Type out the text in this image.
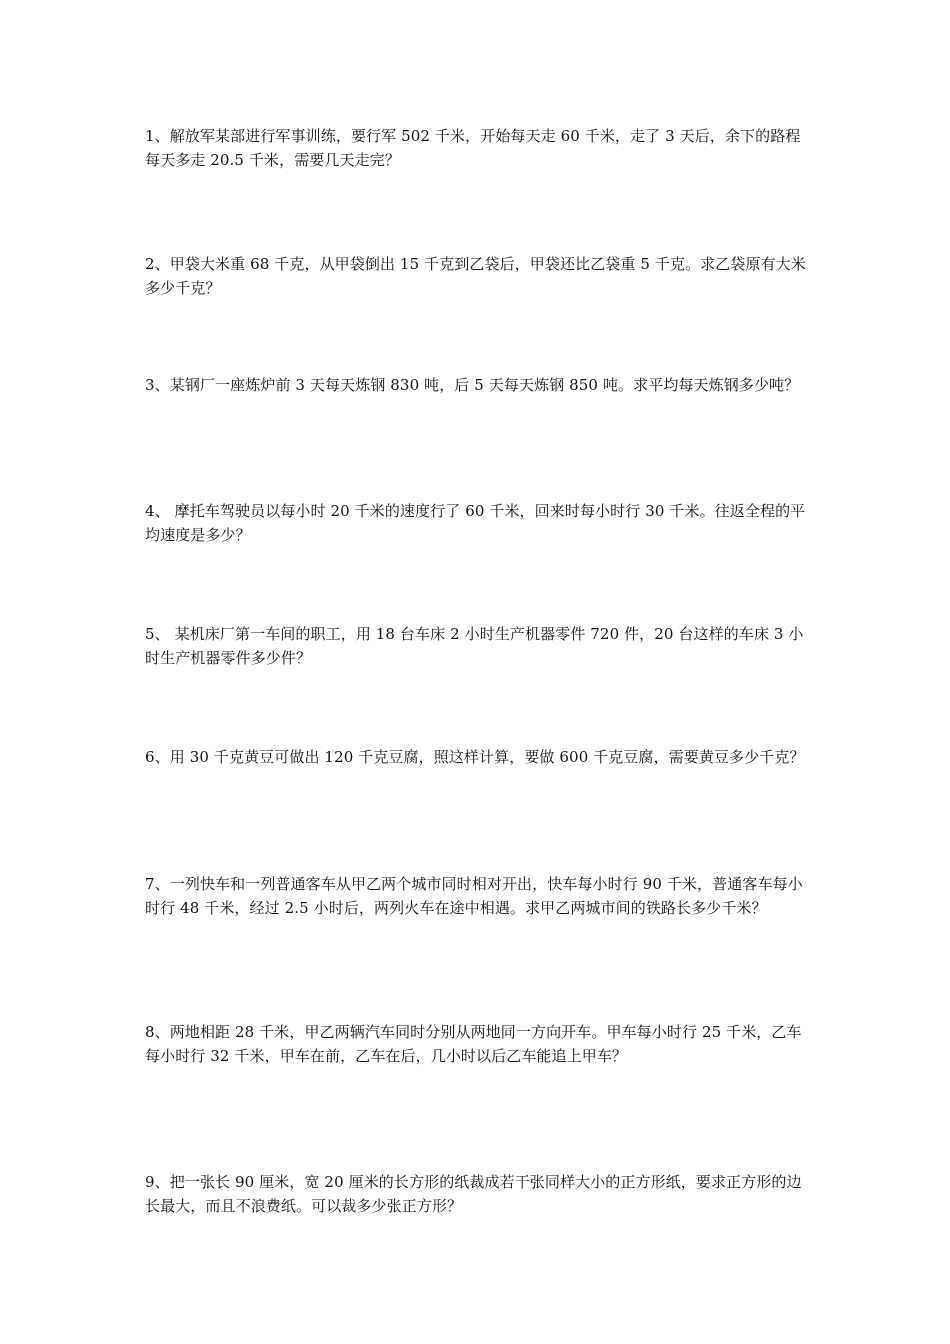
1、解放军某部进行军事训练，要行军 502 千米，开始每天走 60 千米，走了 3 天后，余下的路程每天多走 20.5 千米，需要几天走完？

2、甲袋大米重 68 千克，从甲袋倒出 15 千克到乙袋后，甲袋还比乙袋重 5 千克。求乙袋原有大米多少千克？

3、某钢厂一座炼炉前 3 天每天炼钢 830 吨，后 5 天每天炼钢 850 吨。求平均每天炼钢多少吨？

4、 摩托车驾驶员以每小时 20 千米的速度行了 60 千米，回来时每小时行 30 千米。往返全程的平均速度是多少？

5、 某机床厂第一车间的职工，用 18 台车床 2 小时生产机器零件 720 件，20 台这样的车床 3 小时生产机器零件多少件？

6、用 30 千克黄豆可做出 120 千克豆腐，照这样计算，要做 600 千克豆腐，需要黄豆多少千克？

7、一列快车和一列普通客车从甲乙两个城市同时相对开出，快车每小时行 90 千米，普通客车每小时行 48 千米，经过 2.5 小时后，两列火车在途中相遇。求甲乙两城市间的铁路长多少千米？

8、两地相距 28 千米，甲乙两辆汽车同时分别从两地同一方向开车。甲车每小时行 25 千米，乙车每小时行 32 千米，甲车在前，乙车在后，几小时以后乙车能追上甲车？

9、把一张长 90 厘米，宽 20 厘米的长方形的纸裁成若干张同样大小的正方形纸，要求正方形的边长最大，而且不浪费纸。可以裁多少张正方形？
